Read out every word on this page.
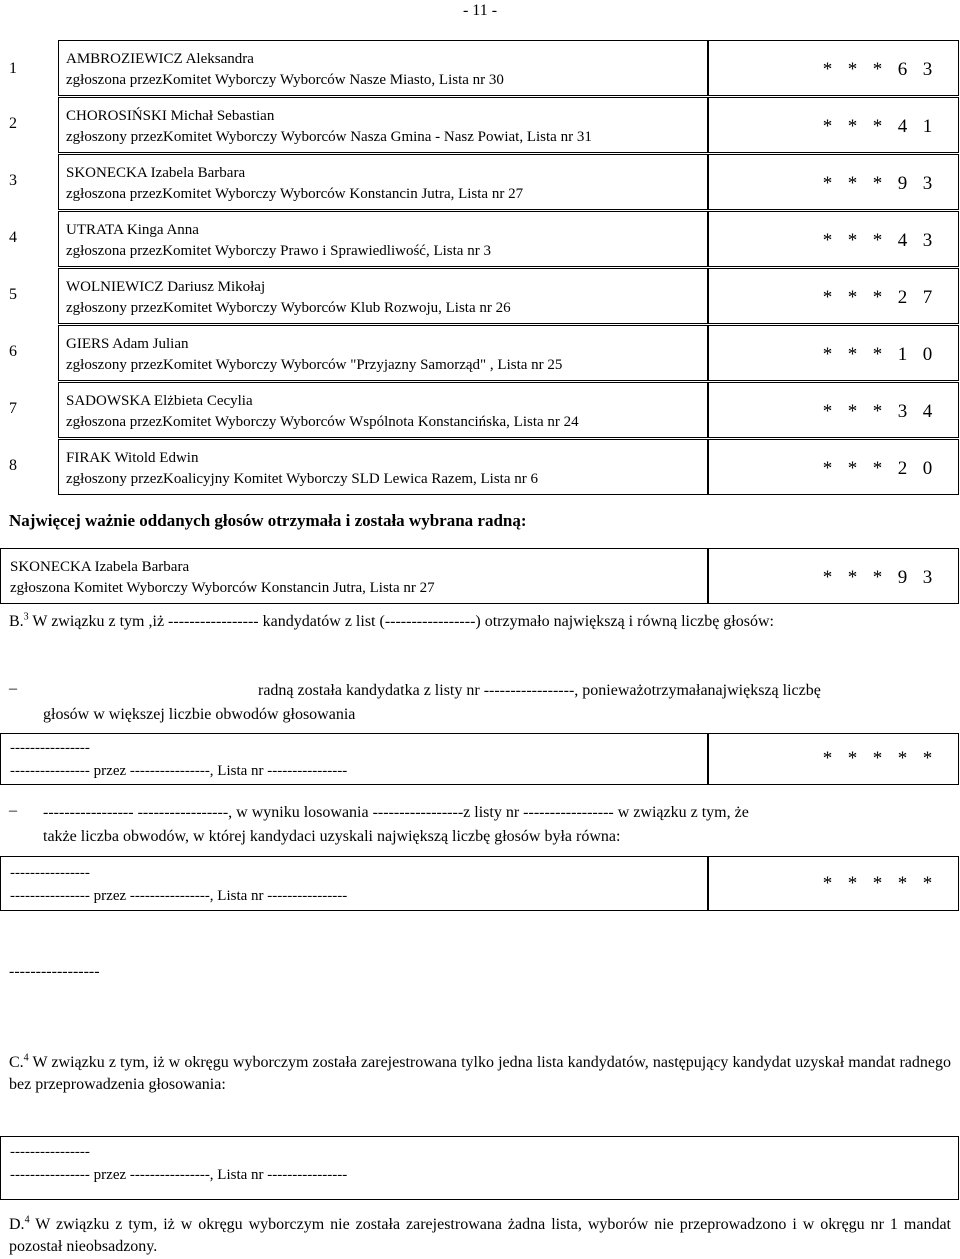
- 11 -
1
AMBROZIEWICZ Aleksandra
zgłoszona przezKomitet Wyborczy Wyborców Nasze Miasto, Lista nr 30	* * * 6 3
2	CHOROSIŃSKI Michał Sebastian
zgłoszony przezKomitet Wyborczy Wyborców Nasza Gmina - Nasz Powiat, Lista nr 31	* * * 4 1
3	SKONECKA Izabela Barbara
zgłoszona przezKomitet Wyborczy Wyborców Konstancin Jutra, Lista nr 27	* * * 9 3
4	UTRATA Kinga Anna
zgłoszona przezKomitet Wyborczy Prawo i Sprawiedliwość, Lista nr 3	* * * 4 3
5	WOLNIEWICZ Dariusz Mikołaj
zgłoszony przezKomitet Wyborczy Wyborców Klub Rozwoju, Lista nr 26	* * * 2 7
6	GIERS Adam Julian
zgłoszony przezKomitet Wyborczy Wyborców "Przyjazny Samorząd" , Lista nr 25	* * * 1 0
7	SADOWSKA Elżbieta Cecylia
zgłoszona przezKomitet Wyborczy Wyborców Wspólnota Konstancińska, Lista nr 24	* * * 3 4
8	FIRAK Witold Edwin
zgłoszony przezKoalicyjny Komitet Wyborczy SLD Lewica Razem, Lista nr 6	* * * 2 0
Najwięcej ważnie oddanych głosów otrzymała i została wybrana radną:
SKONECKA Izabela Barbara
zgłoszona Komitet Wyborczy Wyborców Konstancin Jutra, Lista nr 27	* * * 9 3
B.$^3$ W związku z tym ,iż ----------------- kandydatów z list (-----------------) otrzymało największą i równą liczbę głosów:
–	radną została kandydatka z listy nr -----------------, ponieważotrzymałanajwiększą liczbę
głosów w większej liczbie obwodów głosowania
----------------
---------------- przez ----------------, Lista nr ----------------
* * * * *
– ----------------- -----------------, w wyniku losowania -----------------z listy nr ----------------- w związku z tym, że
także liczba obwodów, w której kandydaci uzyskali największą liczbę głosów była równa:
----------------
---------------- przez ----------------, Lista nr ----------------
* * * * *
-----------------
C.$^4$ W związku z tym, iż w okręgu wyborczym została zarejestrowana tylko jedna lista kandydatów, następujący kandydat uzyskał mandat radnego bez przeprowadzenia głosowania:
----------------
---------------- przez ----------------, Lista nr ----------------
D.$^4$ W związku z tym, iż w okręgu wyborczym nie została zarejestrowana żadna lista, wyborów nie przeprowadzono i w okręgu nr 1 mandat pozostał nieobsadzony.
